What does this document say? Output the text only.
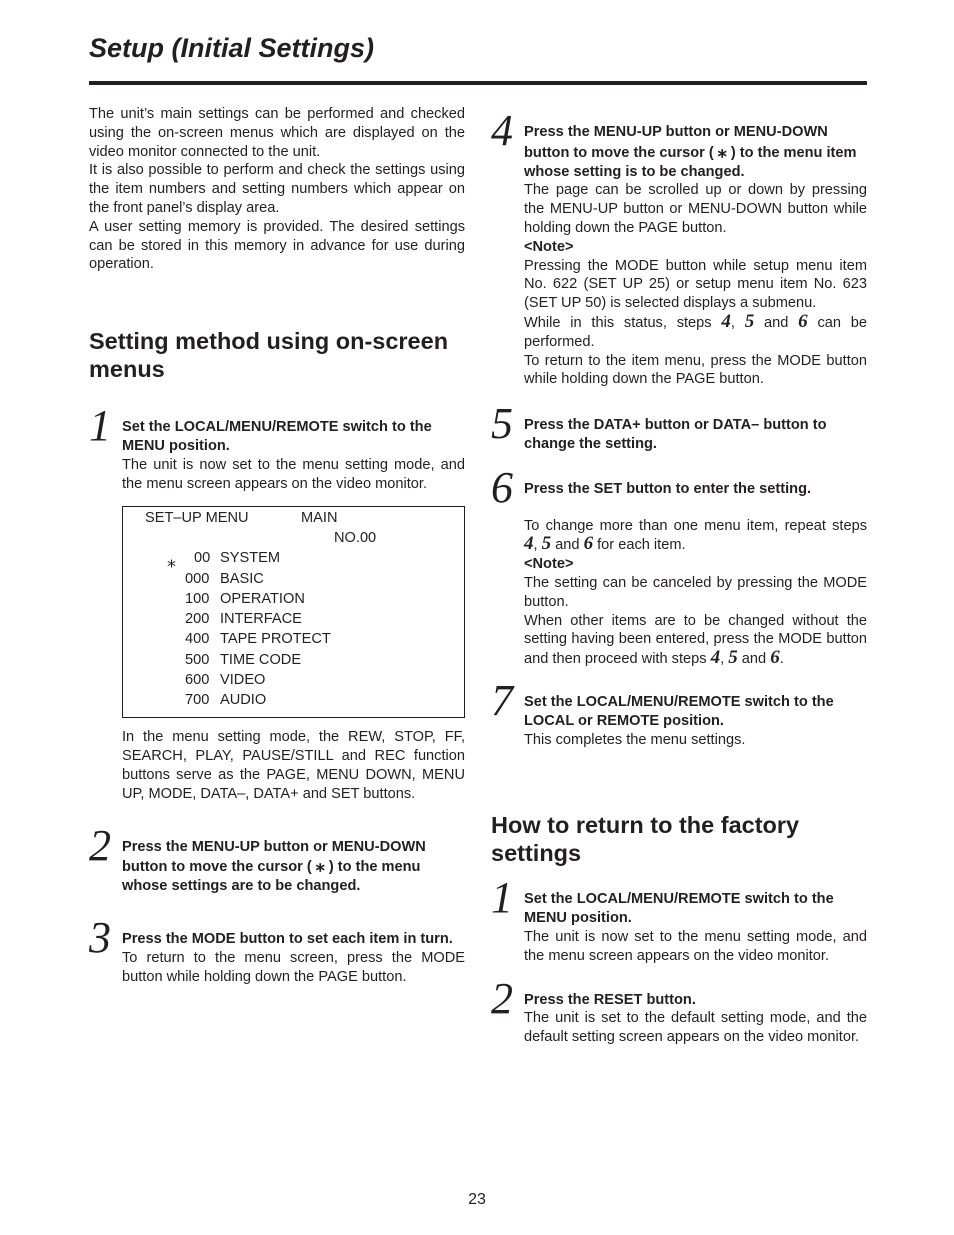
Setup (Initial Settings)

The unit’s main settings can be performed and checked using the on-screen menus which are displayed on the video monitor connected to the unit.

It is also possible to perform and check the settings using the item numbers and setting numbers which appear on the front panel’s display area.

A user setting memory is provided. The desired settings can be stored in this memory in advance for use during operation.

Setting method using on-screen menus
1 Set the LOCAL/MENU/REMOTE switch to the MENU position.

The unit is now set to the menu setting mode, and the menu screen appears on the video monitor.

SET–UP MENU	MAIN
NO.00
⁎ 00 SYSTEM
000 BASIC
100 OPERATION
200 INTERFACE
400 TAPE PROTECT
500 TIME CODE
600 VIDEO
700 AUDIO

In the menu setting mode, the REW, STOP, FF, SEARCH, PLAY, PAUSE/STILL and REC function buttons serve as the PAGE, MENU DOWN, MENU UP, MODE, DATA–, DATA+ and SET buttons.

2 Press the MENU-UP button or MENU-DOWN button to move the cursor ( ⁎ ) to the menu whose settings are to be changed.

3 Press the MODE button to set each item in turn.

To return to the menu screen, press the MODE button while holding down the PAGE button.

4 Press the MENU-UP button or MENU-DOWN button to move the cursor ( ⁎ ) to the menu item whose setting is to be changed.

The page can be scrolled up or down by pressing the MENU-UP button or MENU-DOWN button while holding down the PAGE button.

<Note>

Pressing the MODE button while setup menu item No. 622 (SET UP 25) or setup menu item No. 623 (SET UP 50) is selected displays a submenu.

While in this status, steps 4, 5 and 6 can be performed.

To return to the item menu, press the MODE button while holding down the PAGE button.

5 Press the DATA+ button or DATA– button to change the setting.

6 Press the SET button to enter the setting.

To change more than one menu item, repeat steps 4, 5 and 6 for each item.

<Note>

The setting can be canceled by pressing the MODE button.

When other items are to be changed without the setting having been entered, press the MODE button and then proceed with steps 4, 5 and 6.

7 Set the LOCAL/MENU/REMOTE switch to the LOCAL or REMOTE position.

This completes the menu settings.

How to return to the factory settings
1 Set the LOCAL/MENU/REMOTE switch to the MENU position.

The unit is now set to the menu setting mode, and the menu screen appears on the video monitor.

2 Press the RESET button.

The unit is set to the default setting mode, and the default setting screen appears on the video monitor.

23
